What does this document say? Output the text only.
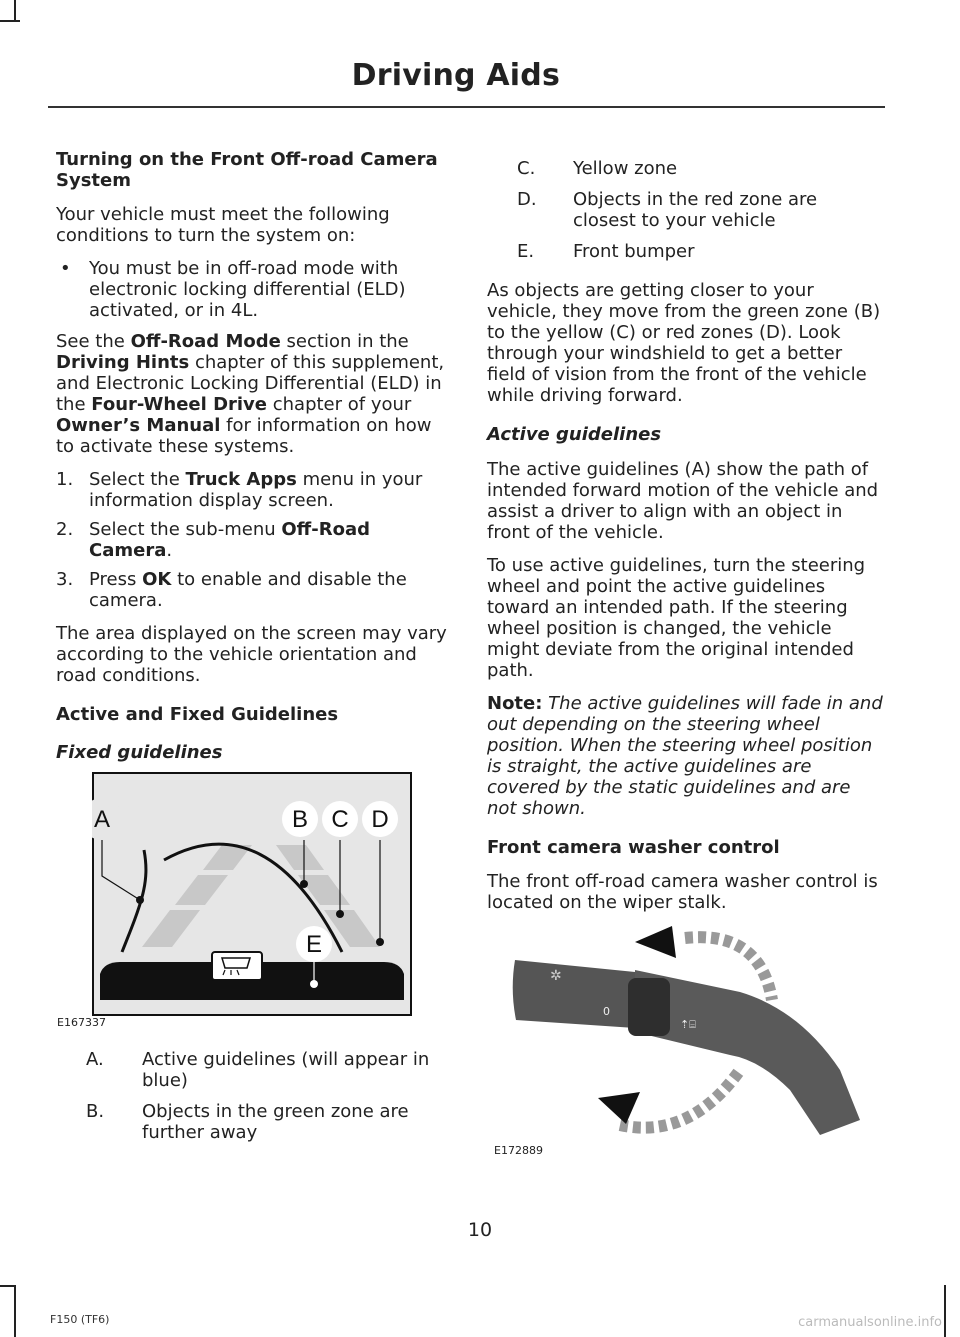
Driving Aids
Turning on the Front Off-road Camera System

Your vehicle must meet the following conditions to turn the system on:

• You must be in off-road mode with electronic locking differential (ELD) activated, or in 4L.

See the Off-Road Mode section in the Driving Hints chapter of this supplement, and Electronic Locking Differential (ELD) in the Four-Wheel Drive chapter of your Owner’s Manual for information on how to activate these systems.

1. Select the Truck Apps menu in your information display screen.
2. Select the sub-menu Off-Road Camera.
3. Press OK to enable and disable the camera.

The area displayed on the screen may vary according to the vehicle orientation and road conditions.

Active and Fixed Guidelines
Fixed guidelines
A	B C D
E
E167337
A. Active guidelines (will appear in blue)
B. Objects in the green zone are further away
C. Yellow zone
D. Objects in the red zone are closest to your vehicle
E. Front bumper

As objects are getting closer to your vehicle, they move from the green zone (B) to the yellow (C) or red zones (D). Look through your windshield to get a better field of vision from the front of the vehicle while driving forward.

Active guidelines

The active guidelines (A) show the path of intended forward motion of the vehicle and assist a driver to align with an object in front of the vehicle.

To use active guidelines, turn the steering wheel and point the active guidelines toward an intended path. If the steering wheel position is changed, the vehicle might deviate from the original intended path.

Note: The active guidelines will fade in and out depending on the steering wheel position. When the steering wheel position is straight, the active guidelines are covered by the static guidelines and are not shown.

Front camera washer control

The front off-road camera washer control is located on the wiper stalk.

✲
0
⇡⌸
E172889
10
F150 (TF6)	carmanualsonline.info
